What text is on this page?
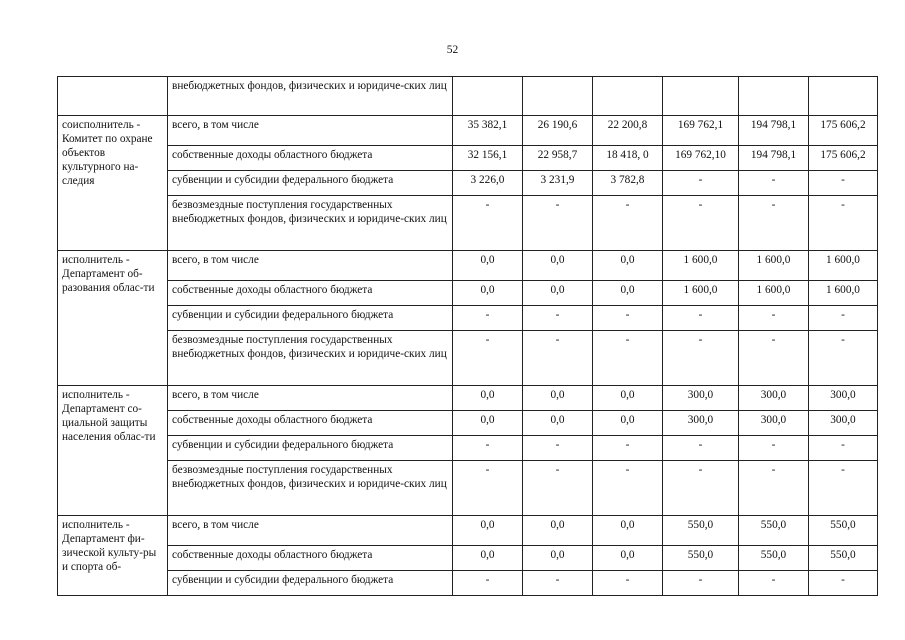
52
	внебюджетных фондов, физических и юридиче-ских лиц						
соисполнитель - Комитет по охране объектов культурного на-следия	всего, в том числе	35 382,1	26 190,6	22 200,8	169 762,1	194 798,1	175 606,2
	собственные доходы областного бюджета	32 156,1	22 958,7	18 418, 0	169 762,10	194 798,1	175 606,2
	субвенции и субсидии федерального бюджета	3 226,0	3 231,9	3 782,8	-	-	-
	безвозмездные поступления государственных внебюджетных фондов, физических и юридиче-ских лиц	-	-	-	-	-	-
исполнитель - Департамент об-разования облас-ти	всего, в том числе	0,0	0,0	0,0	1 600,0	1 600,0	1 600,0
	собственные доходы областного бюджета	0,0	0,0	0,0	1 600,0	1 600,0	1 600,0
	субвенции и субсидии федерального бюджета	-	-	-	-	-	-
	безвозмездные поступления государственных внебюджетных фондов, физических и юридиче-ских лиц	-	-	-	-	-	-
исполнитель - Департамент со-циальной защиты населения облас-ти	всего, в том числе	0,0	0,0	0,0	300,0	300,0	300,0
	собственные доходы областного бюджета	0,0	0,0	0,0	300,0	300,0	300,0
	субвенции и субсидии федерального бюджета	-	-	-	-	-	-
	безвозмездные поступления государственных внебюджетных фондов, физических и юридиче-ских лиц	-	-	-	-	-	-
исполнитель - Департамент фи-зической культу-ры и спорта об-	всего, в том числе	0,0	0,0	0,0	550,0	550,0	550,0
	собственные доходы областного бюджета	0,0	0,0	0,0	550,0	550,0	550,0
	субвенции и субсидии федерального бюджета	-	-	-	-	-	-
